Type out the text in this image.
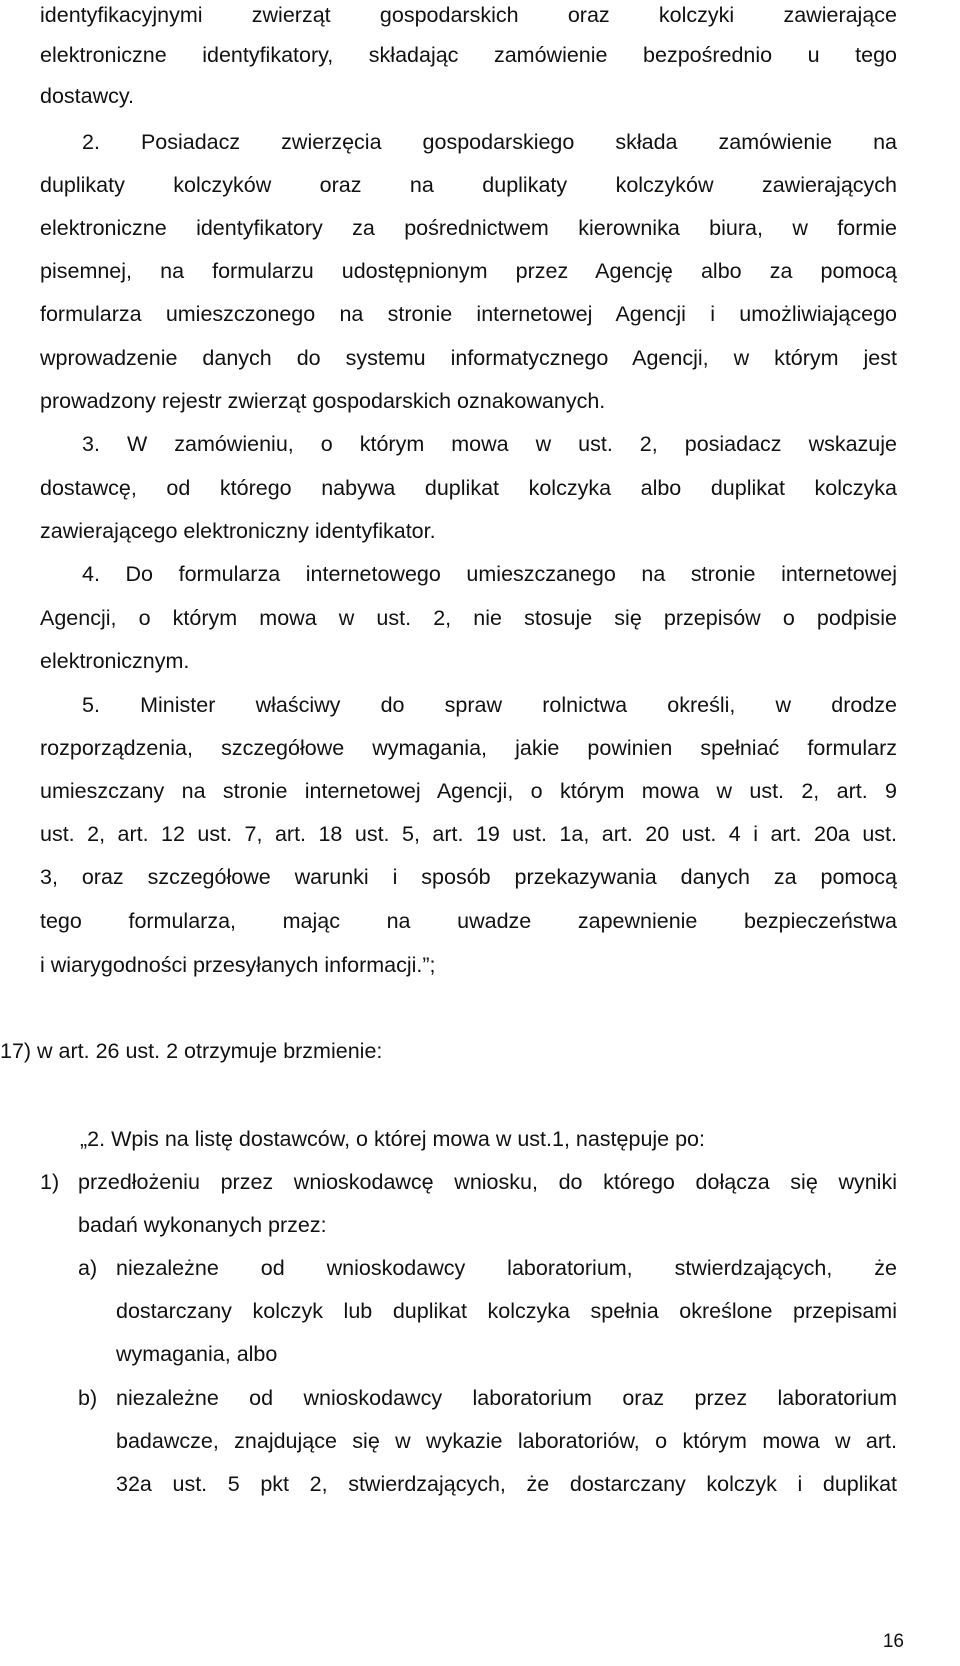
identyfikacyjnymi zwierząt gospodarskich oraz kolczyki zawierające
elektroniczne identyfikatory, składając zamówienie bezpośrednio u tego
dostawcy.
2. Posiadacz zwierzęcia gospodarskiego składa zamówienie na
duplikaty kolczyków oraz na duplikaty kolczyków zawierających
elektroniczne identyfikatory za pośrednictwem kierownika biura, w formie
pisemnej, na formularzu udostępnionym przez Agencję albo za pomocą
formularza umieszczonego na stronie internetowej Agencji i umożliwiającego
wprowadzenie danych do systemu informatycznego Agencji, w którym jest
prowadzony rejestr zwierząt gospodarskich oznakowanych.
3. W zamówieniu, o którym mowa w ust. 2, posiadacz wskazuje
dostawcę, od którego nabywa duplikat kolczyka albo duplikat kolczyka
zawierającego elektroniczny identyfikator.
4. Do formularza internetowego umieszczanego na stronie internetowej
Agencji, o którym mowa w ust. 2, nie stosuje się przepisów o podpisie
elektronicznym.
5. Minister właściwy do spraw rolnictwa określi, w drodze
rozporządzenia, szczegółowe wymagania, jakie powinien spełniać formularz
umieszczany na stronie internetowej Agencji, o którym mowa w ust. 2, art. 9
ust. 2, art. 12 ust. 7, art. 18 ust. 5, art. 19 ust. 1a, art. 20 ust. 4 i art. 20a ust.
3, oraz szczegółowe warunki i sposób przekazywania danych za pomocą
tego formularza, mając na uwadze zapewnienie bezpieczeństwa
i wiarygodności przesyłanych informacji.”;
17) w art. 26 ust. 2 otrzymuje brzmienie:
„2. Wpis na listę dostawców, o której mowa w ust.1, następuje po:
1) przedłożeniu przez wnioskodawcę wniosku, do którego dołącza się wyniki
badań wykonanych przez:
a) niezależne od wnioskodawcy laboratorium, stwierdzających, że
dostarczany kolczyk lub duplikat kolczyka spełnia określone przepisami
wymagania, albo
b) niezależne od wnioskodawcy laboratorium oraz przez laboratorium
badawcze, znajdujące się w wykazie laboratoriów, o którym mowa w art.
32a ust. 5 pkt 2, stwierdzających, że dostarczany kolczyk i duplikat
16
